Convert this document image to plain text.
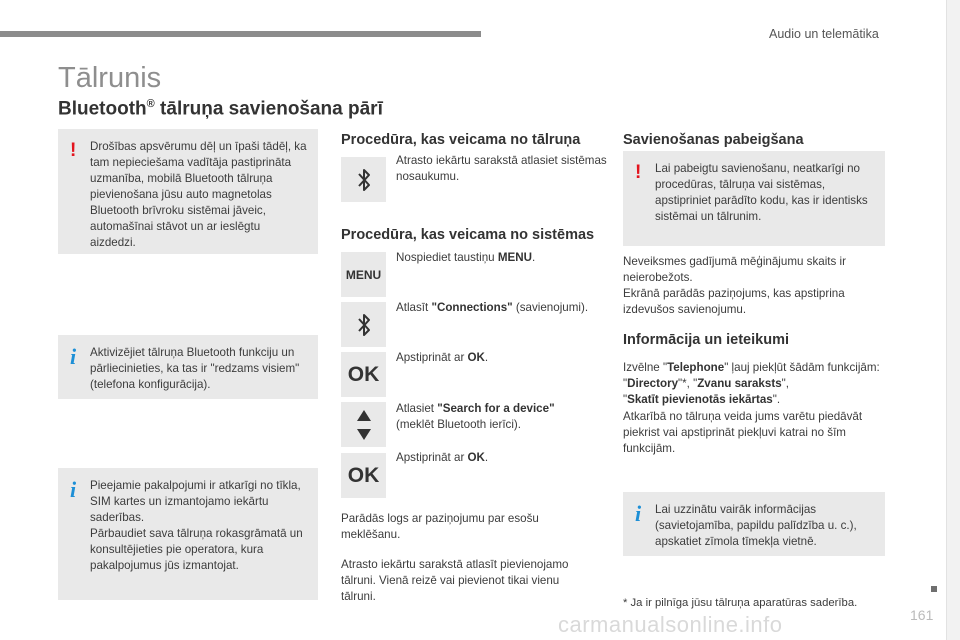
Audio un telemātika
Tālrunis
Bluetooth® tālruņa savienošana pārī
! Drošības apsvērumu dēļ un īpaši tādēļ, ka tam nepieciešama vadītāja pastiprināta uzmanība, mobilā Bluetooth tālruņa pievienošana jūsu auto magnetolas Bluetooth brīvroku sistēmai jāveic, automašīnai stāvot un ar ieslēgtu aizdedzi.
i Aktivizējiet tālruņa Bluetooth funkciju un pārliecinieties, ka tas ir "redzams visiem" (telefona konfigurācija).
i Pieejamie pakalpojumi ir atkarīgi no tīkla, SIM kartes un izmantojamo iekārtu saderības.
Pārbaudiet sava tālruņa rokasgrāmatā un konsultējieties pie operatora, kura pakalpojumus jūs izmantojat.
Procedūra, kas veicama no tālruņa
Atrasto iekārtu sarakstā atlasiet sistēmas nosaukumu.
Procedūra, kas veicama no sistēmas
MENU
Nospiediet taustiņu MENU.
Atlasīt "Connections" (savienojumi).
OK
Apstiprināt ar OK.
Atlasiet "Search for a device"
(meklēt Bluetooth ierīci).
OK
Apstiprināt ar OK.
Parādās logs ar paziņojumu par esošu meklēšanu.
Atrasto iekārtu sarakstā atlasīt pievienojamo tālruni. Vienā reizē vai pievienot tikai vienu tālruni.
Savienošanas pabeigšana
! Lai pabeigtu savienošanu, neatkarīgi no procedūras, tālruņa vai sistēmas, apstipriniet parādīto kodu, kas ir identisks sistēmai un tālrunim.
Neveiksmes gadījumā mēģinājumu skaits ir neierobežots.
Ekrānā parādās paziņojums, kas apstiprina izdevušos savienojumu.
Informācija un ieteikumi
Izvēlne "Telephone" ļauj piekļūt šādām funkcijām: "Directory"*, "Zvanu saraksts",
"Skatīt pievienotās iekārtas".
Atkarībā no tālruņa veida jums varētu piedāvāt piekrist vai apstiprināt piekļuvi katrai no šīm funkcijām.
i Lai uzzinātu vairāk informācijas (savietojamība, papildu palīdzība u. c.), apskatiet zīmola tīmekļa vietnē.
* Ja ir pilnīga jūsu tālruņa aparatūras saderība.
161
carmanualsonline.info
